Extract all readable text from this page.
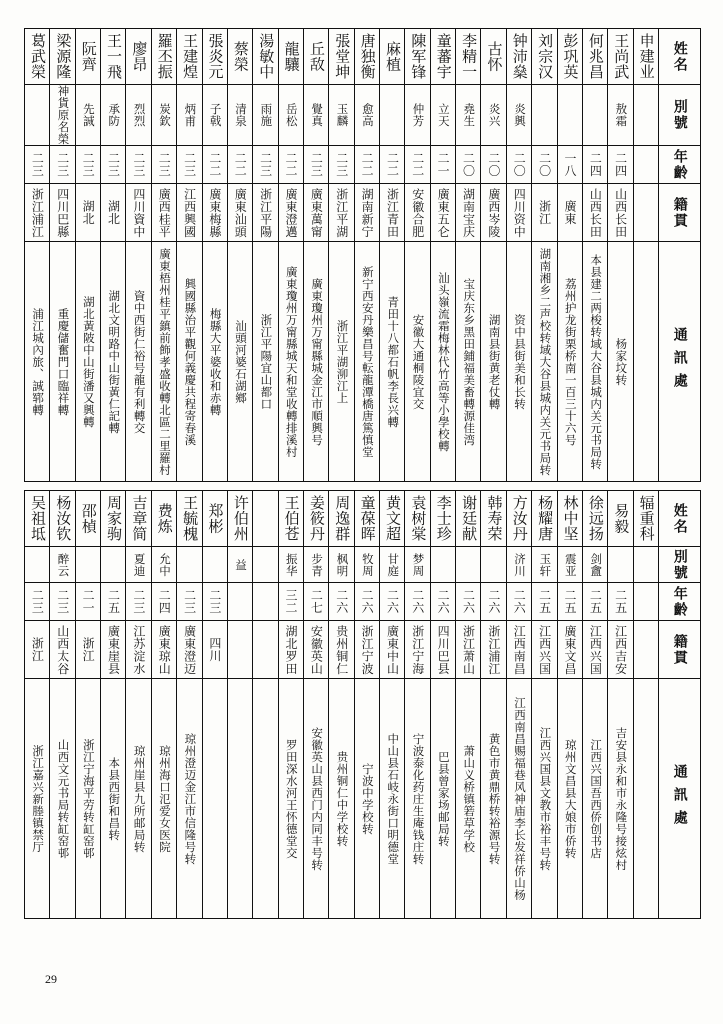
葛武榮	梁源隆	阮齊	王一飛	廖昂	羅丕振	王建煌	張炎元	蔡榮	湯敏中	龍驤	丘敌	張堂坤	唐独衡	麻植	陳军锋	童蕃宇	李精一	古怀	钟沛燊	刘宗汉	彭巩英	何兆昌	王尚武	申建业	姓名

	神貨原名榮	先誠	承防	烈烈	炭欽	炳甫	子戟	清泉	雨施	岳松	覺真	玉麟	愈高		仲芳	立天	堯生	炎兴	炎興				敖霜		別號

二三	二三	二三	二三	二三	二三	二三	二二	二二	二三	二二	二三	二三	二二	二二	二二	二一	二〇	二〇	二〇	二〇	一八	二四	二四		年齡

浙江浦江	四川巴縣	湖北	湖北	四川資中	廣西桂平	江西興國	廣東梅縣	廣東汕頭	浙江平陽	廣東澄邁	廣東萬甯	浙江平湖	湖南新宁	浙江青田	安徽合肥	廣東五仑	湖南宝庆	廣西岑陵	四川资中	浙江	廣東	山西长田	山西长田		籍貫

浦江城內旅、誠郓轉	重慶儲奮門口臨祥轉	湖北黃陂中山街潘又興轉	湖北文明路中山街黃仁記轉	資中西街仁裕号龍有利轉交	廣東梧州桂平鎮前飾孝盛收轉北區二里羅村	興國縣治平觀何義慶共程寄春溪	梅縣大平婆收和赤轉	汕頭河婆石湖鄉	浙江平陽宜山都口	廣東瓊州万甯縣城天和堂收轉排溪村	廣東瓊州万甯縣城金江市順興号	浙江平湖泖江上	新宁西安丹樂昌号転龍潭橋唐篤慎堂	青田十八都石帆李長兴轉	安徽大通桐陵宜交	汕头嶺流霜梅林代竹高等小學校轉	宝庆东乡黑田鋪福美畜轉源佳湾	湖南县街黄老仗轉	资中县街美和长转	湖南湘乡二声校转域大谷县城内关元书局转	荔州护龙街栗桥南一百三十六号	本县建二两梭转域大谷县城内关元书局转	杨家坟转		通訊處
吴祖坻	杨汝钦	邵楨	周家驹	吉章简	费炼	王毓槐	郑彬	许伯州		王伯苍	姜筱丹	周逸群	童葆晖	黄文超	袁树棠	李士珍	谢廷献	韩寿荣	方汝丹	杨耀唐	林中坚	徐远扬	易毅	辐重科	姓名

	醉云			夏迪	允中			益		振华	步青	枫明	牧周	甘庭	梦周				济川	玉轩	震亚	剑盦			別號

二三	二三	二一	二五	二三	二四	二三	二三			三二	二七	二六	二六	二六	二六	二六	二六	二六	二六	二五	二五	二五	二五		年齡

浙江	山西太谷	浙江	廣東崖县	江苏淀水	廣東琼山	廣東澄迈	四川			湖北罗田	安徽英山	贵州铜仁	浙江宁波	廣東中山	浙江宁海	四川巴县	浙江萧山	浙江浦江	江西南昌	江西兴国	廣東文昌	江西兴国	江西吉安		籍貫

浙江嘉兴新塍镇禁厅	山西文元书局转缸窑邨	浙江宁海平劳转缸窑邨	本县西街和昌转	琼州崖县九所邮局转	琼州海口氾爱女医院	琼州澄迈金江市信隆号转				罗田深水河王怀德堂交	安徽英山县西门内同丰号转	贵州铜仁中学校转	宁波中学校转	中山县石岐永街口明德堂	宁波泰化药庄生庵钱庄转	巴县曾家场邮局转	萧山义桥镇箬草学校	黄色市黄鼎桥转裕源号转	江西南昌赐福巷风神庙李长发祥侨山杨	江西兴国县文教市裕丰号转	琼州文昌县大娘市侨转	江西兴国吾西侨创书店	吉安县永和市永隆号接炫村		通訊處
29
